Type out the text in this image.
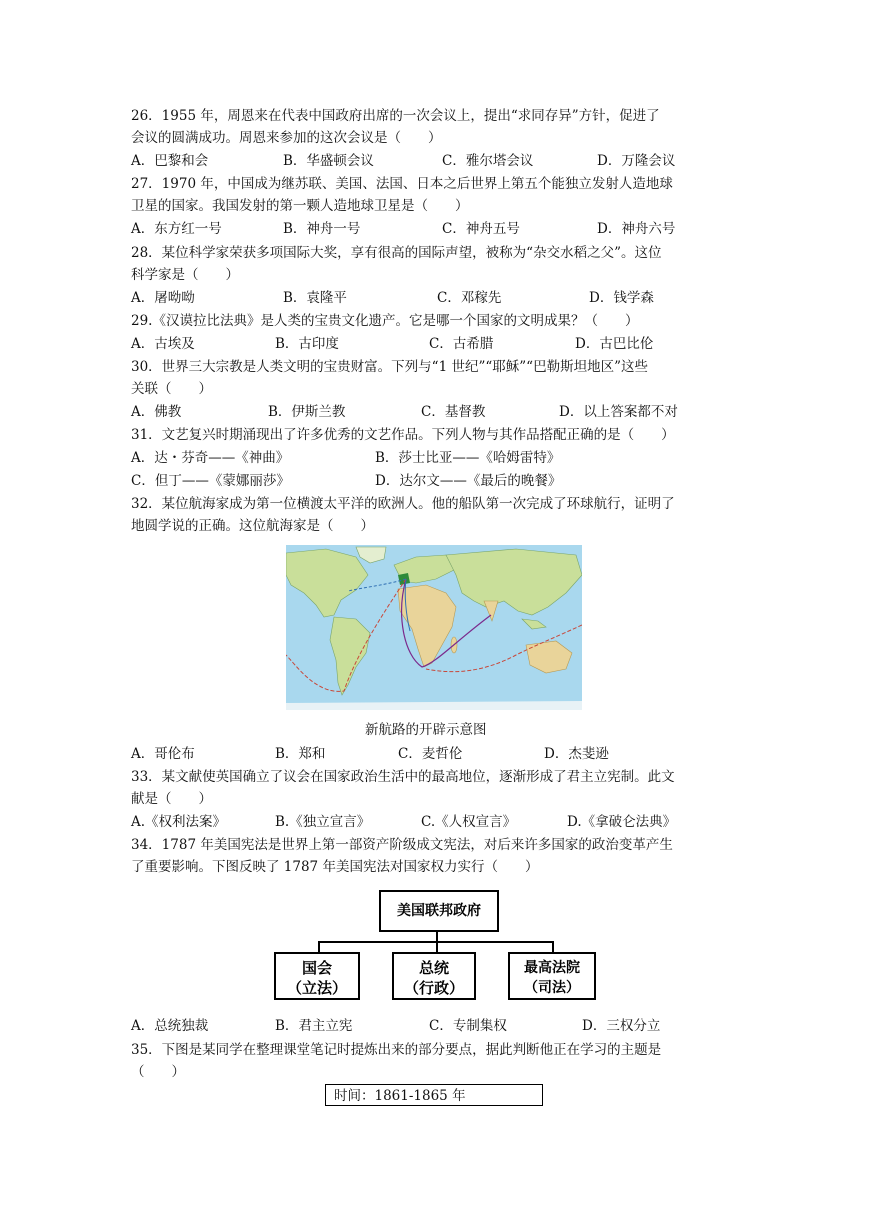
26．1955 年，周恩来在代表中国政府出席的一次会议上，提出“求同存异”方针，促进了
会议的圆满成功。周恩来参加的这次会议是（　　）
A．巴黎和会	B．华盛顿会议	C．雅尔塔会议	D．万隆会议
27．1970 年，中国成为继苏联、美国、法国、日本之后世界上第五个能独立发射人造地球
卫星的国家。我国发射的第一颗人造地球卫星是（　　）
A．东方红一号	B．神舟一号	C．神舟五号	D．神舟六号
28．某位科学家荣获多项国际大奖，享有很高的国际声望，被称为“杂交水稻之父”。这位
科学家是（　　）
A．屠呦呦	B．袁隆平	C．邓稼先	D．钱学森
29.《汉谟拉比法典》是人类的宝贵文化遗产。它是哪一个国家的文明成果？（　　）
A．古埃及	B．古印度	C．古希腊	D．古巴比伦
30．世界三大宗教是人类文明的宝贵财富。下列与“1 世纪”“耶稣”“巴勒斯坦地区”这些
关联（　　）
A．佛教	B．伊斯兰教	C．基督教	D．以上答案都不对
31．文艺复兴时期涌现出了许多优秀的文艺作品。下列人物与其作品搭配正确的是（　　）
A．达・芬奇——《神曲》	B．莎士比亚——《哈姆雷特》
C．但丁——《蒙娜丽莎》	D．达尔文——《最后的晚餐》
32．某位航海家成为第一位横渡太平洋的欧洲人。他的船队第一次完成了环球航行，证明了
地圆学说的正确。这位航海家是（　　）
新航路的开辟示意图
A．哥伦布	B．郑和	C．麦哲伦	D．杰斐逊
33．某文献使英国确立了议会在国家政治生活中的最高地位，逐渐形成了君主立宪制。此文
献是（　　）
A.《权利法案》	B.《独立宣言》	C.《人权宣言》	D.《拿破仑法典》
34．1787 年美国宪法是世界上第一部资产阶级成文宪法，对后来许多国家的政治变革产生
了重要影响。下图反映了 1787 年美国宪法对国家权力实行（　　）
美国联邦政府
国会
（立法）
总统
（行政）
最高法院
（司法）
A．总统独裁	B．君主立宪	C．专制集权	D．三权分立
35．下图是某同学在整理课堂笔记时提炼出来的部分要点，据此判断他正在学习的主题是
（　　）
时间：1861-1865 年
